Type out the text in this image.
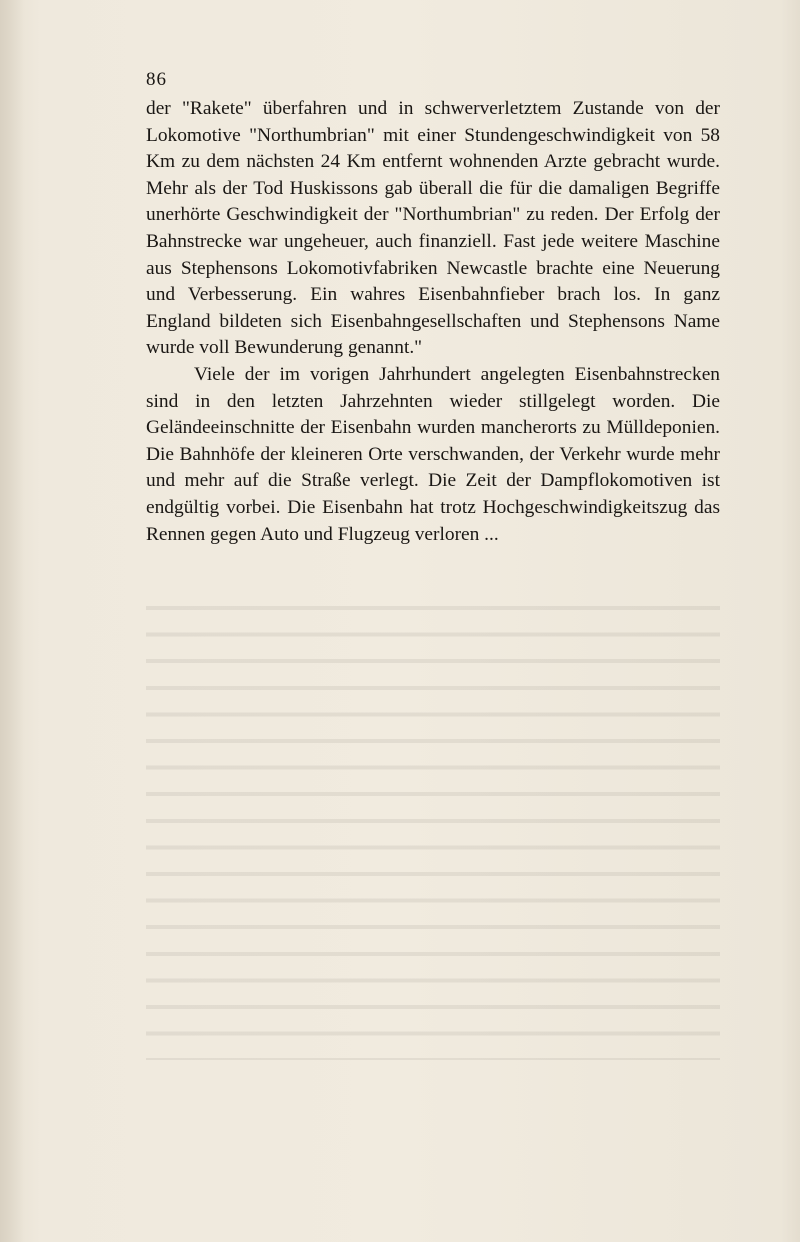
86

der "Rakete" überfahren und in schwerverletztem Zustande von der Lokomotive "Northumbrian" mit einer Stundengeschwindigkeit von 58 Km zu dem nächsten 24 Km entfernt wohnenden Arzte gebracht wurde. Mehr als der Tod Huskissons gab überall die für die damaligen Begriffe unerhörte Geschwindigkeit der "Northumbrian" zu reden. Der Erfolg der Bahnstrecke war ungeheuer, auch finanziell. Fast jede weitere Maschine aus Stephensons Lokomotivfabriken Newcastle brachte eine Neuerung und Verbesserung. Ein wahres Eisenbahnfieber brach los. In ganz England bildeten sich Eisenbahngesellschaften und Stephensons Name wurde voll Bewunderung genannt."

Viele der im vorigen Jahrhundert angelegten Eisenbahnstrecken sind in den letzten Jahrzehnten wieder stillgelegt worden. Die Geländeeinschnitte der Eisenbahn wurden mancherorts zu Mülldeponien. Die Bahnhöfe der kleineren Orte verschwanden, der Verkehr wurde mehr und mehr auf die Straße verlegt. Die Zeit der Dampflokomotiven ist endgültig vorbei. Die Eisenbahn hat trotz Hochgeschwindigkeitszug das Rennen gegen Auto und Flugzeug verloren ...
